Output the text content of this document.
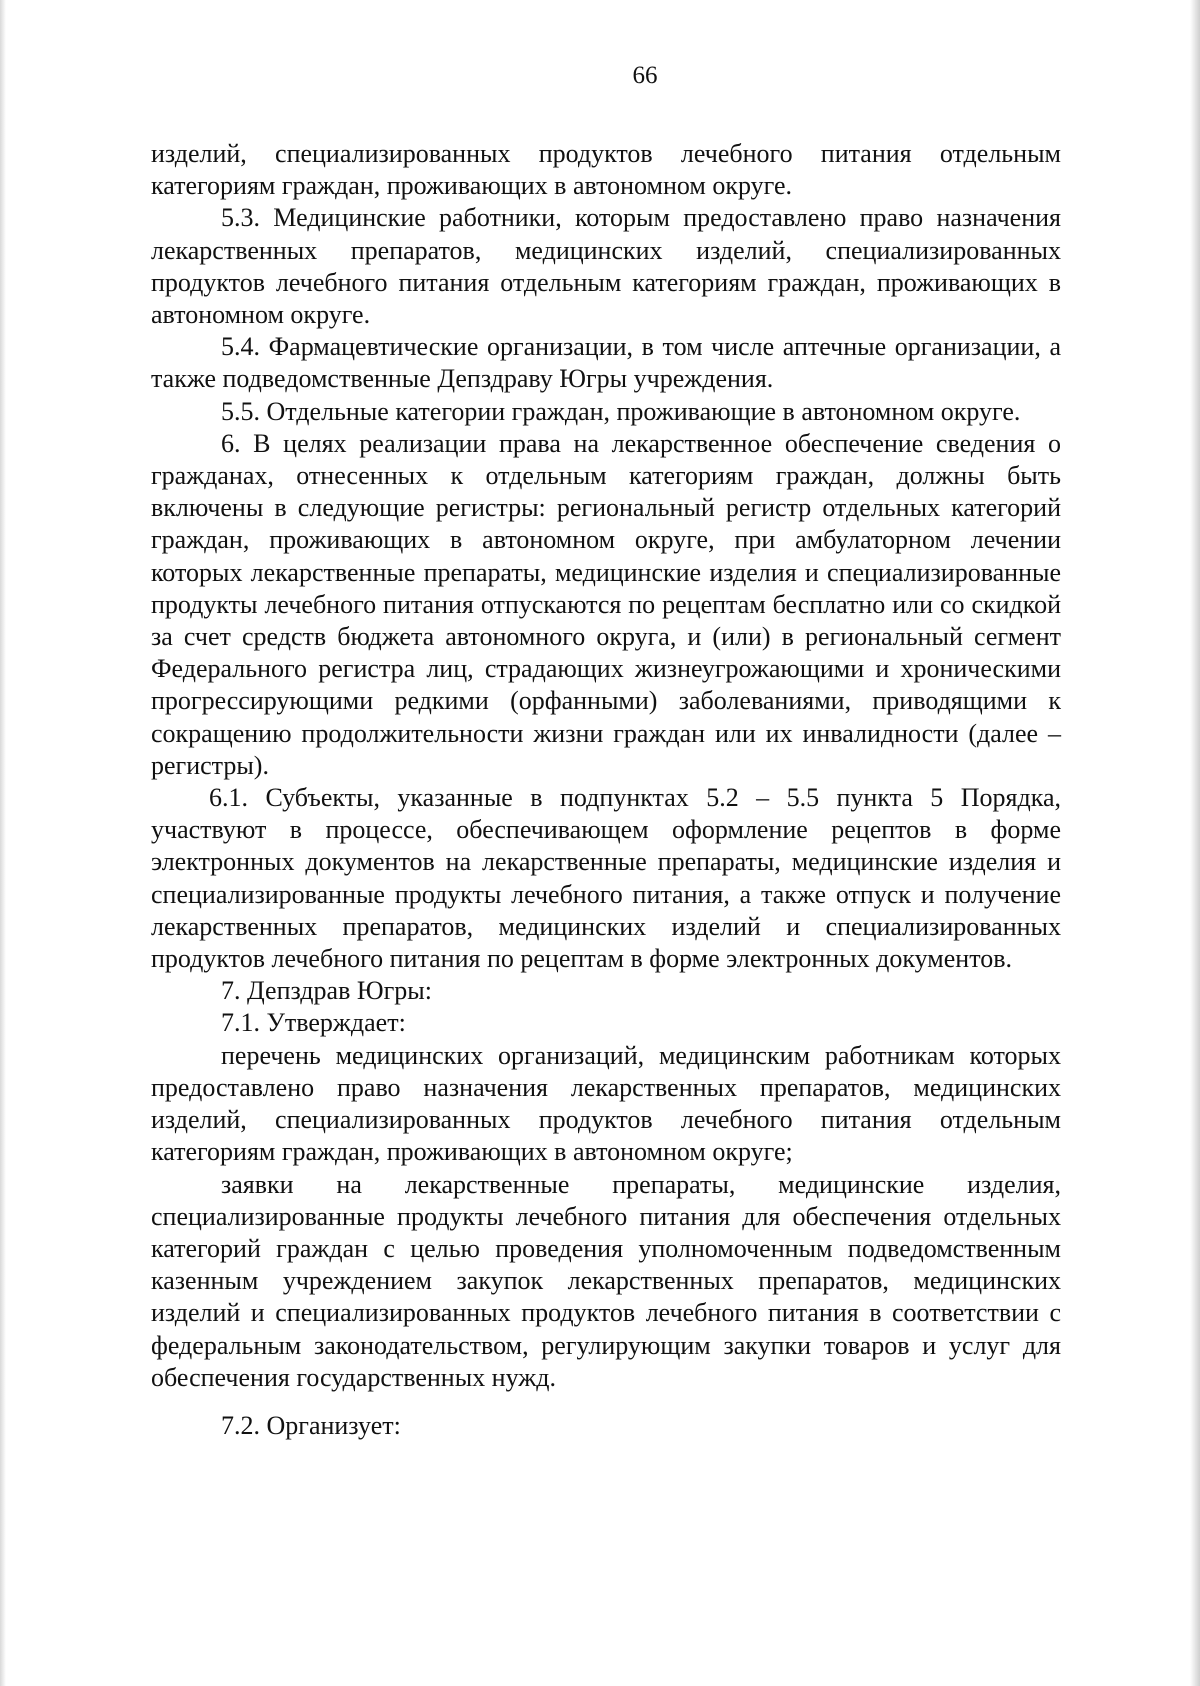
66

изделий, специализированных продуктов лечебного питания отдельным категориям граждан, проживающих в автономном округе.

5.3. Медицинские работники, которым предоставлено право назначения лекарственных препаратов, медицинских изделий, специализированных продуктов лечебного питания отдельным категориям граждан, проживающих в автономном округе.

5.4. Фармацевтические организации, в том числе аптечные организации, а также подведомственные Депздраву Югры учреждения.

5.5. Отдельные категории граждан, проживающие в автономном округе.

6. В целях реализации права на лекарственное обеспечение сведения о гражданах, отнесенных к отдельным категориям граждан, должны быть включены в следующие регистры: региональный регистр отдельных категорий граждан, проживающих в автономном округе, при амбулаторном лечении которых лекарственные препараты, медицинские изделия и специализированные продукты лечебного питания отпускаются по рецептам бесплатно или со скидкой за счет средств бюджета автономного округа, и (или) в региональный сегмент Федерального регистра лиц, страдающих жизнеугрожающими и хроническими прогрессирующими редкими (орфанными) заболеваниями, приводящими к сокращению продолжительности жизни граждан или их инвалидности (далее – регистры).

6.1. Субъекты, указанные в подпунктах 5.2 – 5.5 пункта 5 Порядка, участвуют в процессе, обеспечивающем оформление рецептов в форме электронных документов на лекарственные препараты, медицинские изделия и специализированные продукты лечебного питания, а также отпуск и получение лекарственных препаратов, медицинских изделий и специализированных продуктов лечебного питания по рецептам в форме электронных документов.

7. Депздрав Югры:

7.1. Утверждает:

перечень медицинских организаций, медицинским работникам которых предоставлено право назначения лекарственных препаратов, медицинских изделий, специализированных продуктов лечебного питания отдельным категориям граждан, проживающих в автономном округе;

заявки на лекарственные препараты, медицинские изделия, специализированные продукты лечебного питания для обеспечения отдельных категорий граждан с целью проведения уполномоченным подведомственным казенным учреждением закупок лекарственных препаратов, медицинских изделий и специализированных продуктов лечебного питания в соответствии с федеральным законодательством, регулирующим закупки товаров и услуг для обеспечения государственных нужд.

7.2. Организует:
